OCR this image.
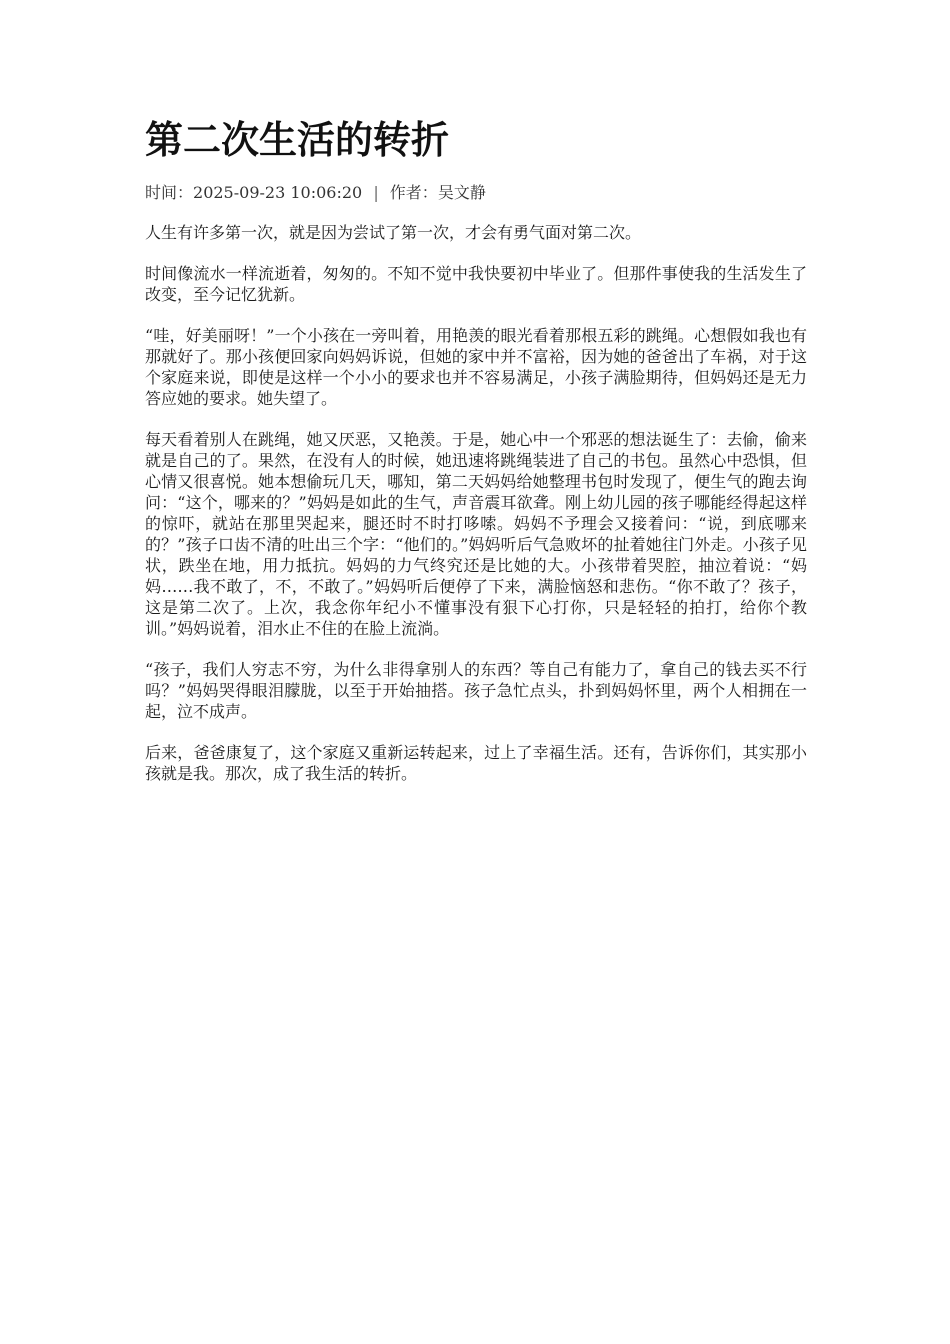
第二次生活的转折
时间：2025-09-23 10:06:20 | 作者：吴文静

人生有许多第一次，就是因为尝试了第一次，才会有勇气面对第二次。

时间像流水一样流逝着，匆匆的。不知不觉中我快要初中毕业了。但那件事使我的生活发生了改变，至今记忆犹新。

“哇，好美丽呀！”一个小孩在一旁叫着，用艳羡的眼光看着那根五彩的跳绳。心想假如我也有那就好了。那小孩便回家向妈妈诉说，但她的家中并不富裕，因为她的爸爸出了车祸，对于这个家庭来说，即使是这样一个小小的要求也并不容易满足，小孩子满脸期待，但妈妈还是无力答应她的要求。她失望了。

每天看着别人在跳绳，她又厌恶，又艳羡。于是，她心中一个邪恶的想法诞生了：去偷，偷来就是自己的了。果然，在没有人的时候，她迅速将跳绳装进了自己的书包。虽然心中恐惧，但心情又很喜悦。她本想偷玩几天，哪知，第二天妈妈给她整理书包时发现了，便生气的跑去询问：“这个，哪来的？”妈妈是如此的生气，声音震耳欲聋。刚上幼儿园的孩子哪能经得起这样的惊吓，就站在那里哭起来，腿还时不时打哆嗦。妈妈不予理会又接着问：“说，到底哪来的？”孩子口齿不清的吐出三个字：“他们的。”妈妈听后气急败坏的扯着她往门外走。小孩子见状，跌坐在地，用力抵抗。妈妈的力气终究还是比她的大。小孩带着哭腔，抽泣着说：“妈妈……我不敢了，不，不敢了。”妈妈听后便停了下来，满脸恼怒和悲伤。“你不敢了？孩子，这是第二次了。上次，我念你年纪小不懂事没有狠下心打你，只是轻轻的拍打，给你个教训。”妈妈说着，泪水止不住的在脸上流淌。

“孩子，我们人穷志不穷，为什么非得拿别人的东西？等自己有能力了，拿自己的钱去买不行吗？”妈妈哭得眼泪朦胧，以至于开始抽搭。孩子急忙点头，扑到妈妈怀里，两个人相拥在一起，泣不成声。

后来，爸爸康复了，这个家庭又重新运转起来，过上了幸福生活。还有，告诉你们，其实那小孩就是我。那次，成了我生活的转折。
